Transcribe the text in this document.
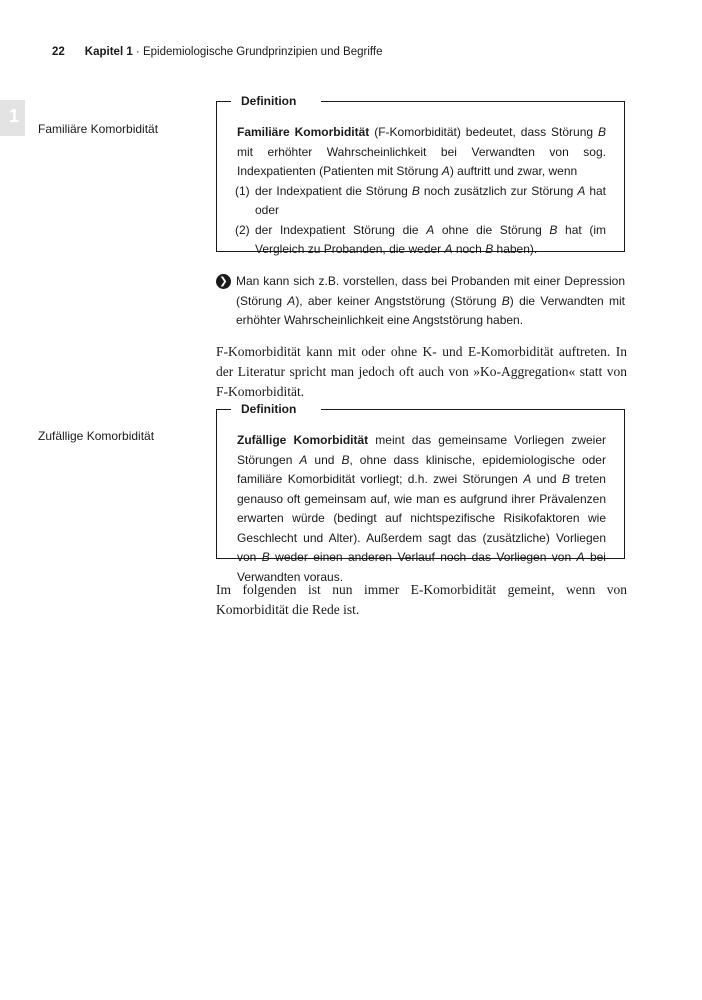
22 Kapitel 1 · Epidemiologische Grundprinzipien und Begriffe
1
Familiäre Komorbidität
Definition
Familiäre Komorbidität (F-Komorbidität) bedeutet, dass Störung B mit erhöhter Wahrscheinlichkeit bei Verwandten von sog. Indexpatienten (Patienten mit Störung A) auftritt und zwar, wenn
(1) der Indexpatient die Störung B noch zusätzlich zur Störung A hat oder
(2) der Indexpatient Störung die A ohne die Störung B hat (im Vergleich zu Probanden, die weder A noch B haben).
❯ Man kann sich z.B. vorstellen, dass bei Probanden mit einer Depression (Störung A), aber keiner Angststörung (Störung B) die Verwandten mit erhöhter Wahrscheinlichkeit eine Angststörung haben.
F-Komorbidität kann mit oder ohne K- und E-Komorbidität auftreten. In der Literatur spricht man jedoch oft auch von »Ko-Aggregation« statt von F-Komorbidität.
Zufällige Komorbidität
Definition
Zufällige Komorbidität meint das gemeinsame Vorliegen zweier Störungen A und B, ohne dass klinische, epidemiologische oder familiäre Komorbidität vorliegt; d.h. zwei Störungen A und B treten genauso oft gemeinsam auf, wie man es aufgrund ihrer Prävalenzen erwarten würde (bedingt auf nichtspezifische Risikofaktoren wie Geschlecht und Alter). Außerdem sagt das (zusätzliche) Vorliegen von B weder einen anderen Verlauf noch das Vorliegen von A bei Verwandten voraus.
Im folgenden ist nun immer E-Komorbidität gemeint, wenn von Komorbidität die Rede ist.
